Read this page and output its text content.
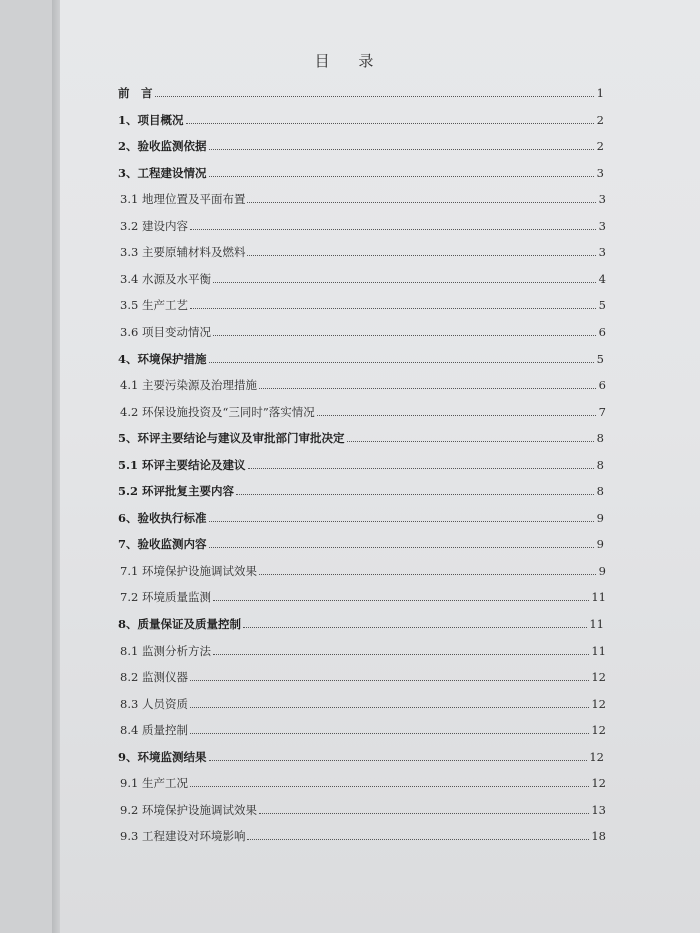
目 录
前　言	1
1、项目概况	2
2、验收监测依据	2
3、工程建设情况	3
3.1 地理位置及平面布置	3
3.2 建设内容	3
3.3 主要原辅材料及燃料	3
3.4 水源及水平衡	4
3.5 生产工艺	5
3.6 项目变动情况	6
4、环境保护措施	5
4.1 主要污染源及治理措施	6
4.2 环保设施投资及“三同时”落实情况	7
5、环评主要结论与建议及审批部门审批决定	8
5.1 环评主要结论及建议	8
5.2 环评批复主要内容	8
6、验收执行标准	9
7、验收监测内容	9
7.1 环境保护设施调试效果	9
7.2 环境质量监测	11
8、质量保证及质量控制	11
8.1 监测分析方法	11
8.2 监测仪器	12
8.3 人员资质	12
8.4 质量控制	12
9、环境监测结果	12
9.1 生产工况	12
9.2 环境保护设施调试效果	13
9.3 工程建设对环境影响	18
